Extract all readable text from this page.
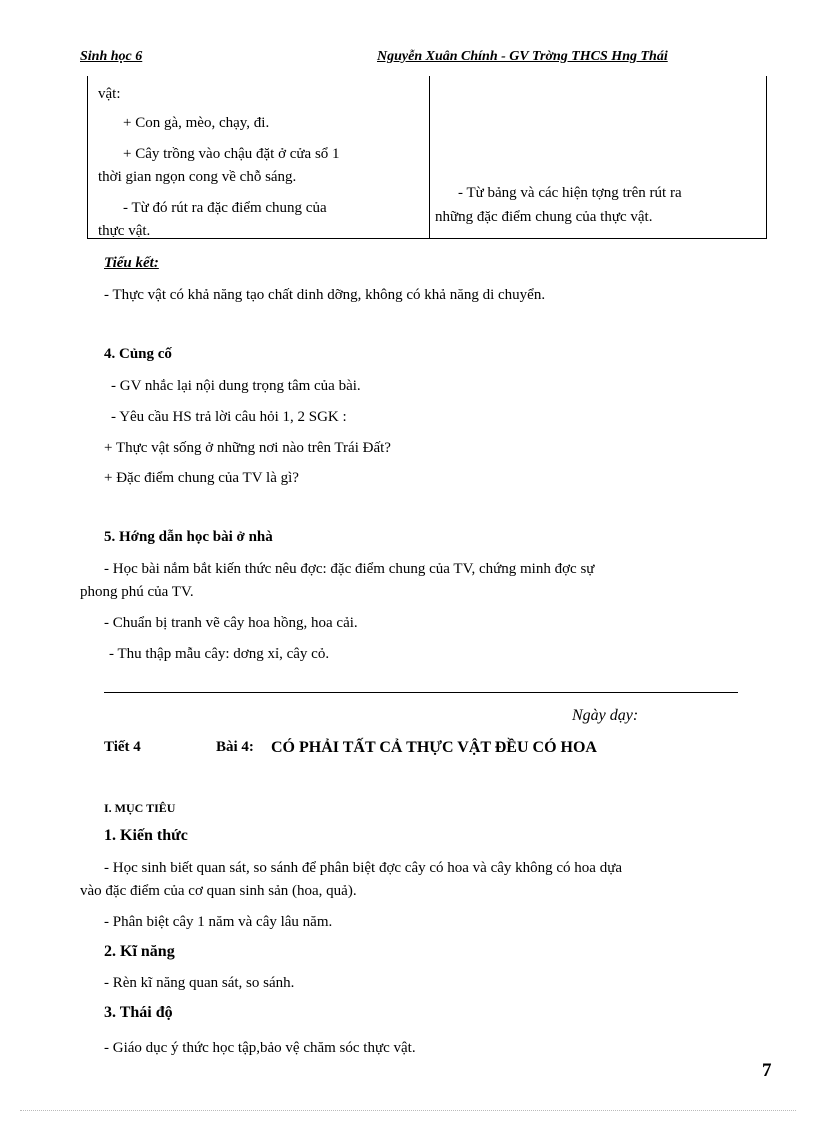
Sinh học 6	Nguyễn Xuân Chính - GV Trờng THCS Hng Thái
vật:
+ Con gà, mèo, chạy, đi.
+ Cây trồng vào chậu đặt ở cửa sổ 1
thời gian ngọn cong về chỗ sáng.
- Từ đó rút ra đặc điểm chung của
thực vật.
- Từ bảng và các hiện tợng trên rút ra
những đặc điểm chung của thực vật.
Tiểu kết:
- Thực vật có khả năng tạo chất dinh dỡng, không có khả năng di chuyển.
4. Củng cố
- GV nhắc lại nội dung trọng tâm của bài.
- Yêu cầu HS trả lời câu hỏi 1, 2 SGK :
+ Thực vật sống ở những nơi nào trên Trái Đất?
+ Đặc điểm chung của TV là gì?
5. Hớng dẫn học bài ở nhà
- Học bài nắm bắt kiến thức nêu đợc: đặc điểm chung của TV, chứng minh đợc sự
phong phú của TV.
- Chuẩn bị tranh vẽ cây hoa hồng, hoa cải.
- Thu thập mẫu cây: dơng xỉ, cây cỏ.
Ngày dạy:
Tiết 4	Bài 4: CÓ PHẢI TẤT CẢ THỰC VẬT ĐỀU CÓ HOA
I. MỤC TIÊU
1. Kiến thức
- Học sinh biết quan sát, so sánh để phân biệt đợc cây có hoa và cây không có hoa dựa
vào đặc điểm của cơ quan sinh sản (hoa, quả).
- Phân biệt cây 1 năm và cây lâu năm.
2. Kĩ năng
- Rèn kĩ năng quan sát, so sánh.
3. Thái độ
- Giáo dục ý thức học tập,bảo vệ chăm sóc thực vật.
7
